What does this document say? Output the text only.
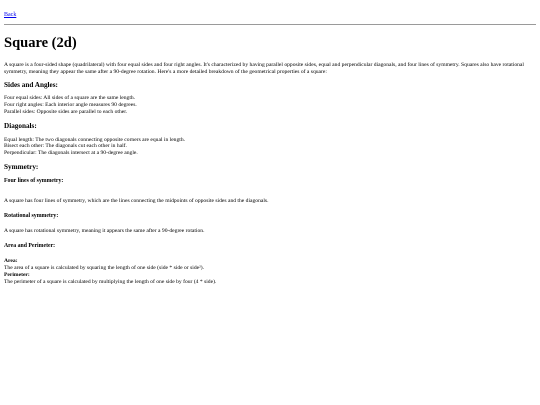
Back
Square (2d)

A square is a four-sided shape (quadrilateral) with four equal sides and four right angles. It's characterized by having parallel opposite sides, equal and perpendicular diagonals, and four lines of symmetry. Squares also have rotational symmetry, meaning they appear the same after a 90-degree rotation. Here's a more detailed breakdown of the geometrical properties of a square:

Sides and Angles:

Four equal sides: All sides of a square are the same length.
Four right angles: Each interior angle measures 90 degrees.
Parallel sides: Opposite sides are parallel to each other.

Diagonals:

Equal length: The two diagonals connecting opposite corners are equal in length.
Bisect each other: The diagonals cut each other in half.
Perpendicular: The diagonals intersect at a 90-degree angle.

Symmetry:
Four lines of symmetry:

A square has four lines of symmetry, which are the lines connecting the midpoints of opposite sides and the diagonals.

Rotational symmetry:

A square has rotational symmetry, meaning it appears the same after a 90-degree rotation.

Area and Perimeter:

Area:
The area of a square is calculated by squaring the length of one side (side * side or side²).
Perimeter:
The perimeter of a square is calculated by multiplying the length of one side by four (4 * side).
